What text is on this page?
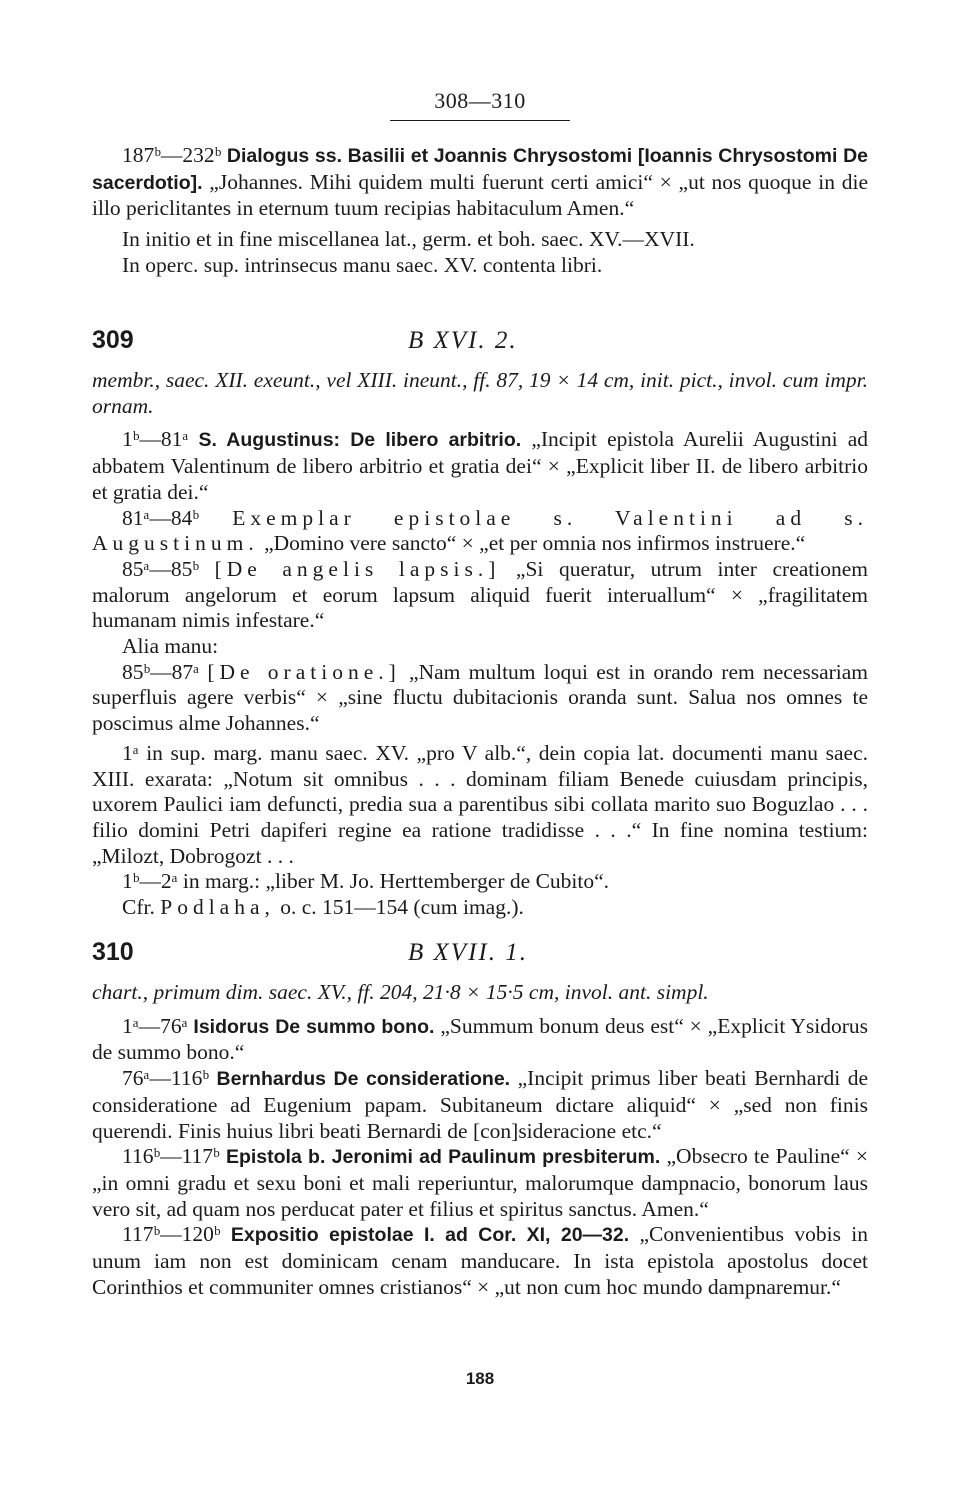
308—310

187ᵇ—232ᵇ Dialogus ss. Basilii et Joannis Chrysostomi [Ioannis Chrysostomi De sacerdotio]. „Johannes. Mihi quidem multi fuerunt certi amici“ × „ut nos quoque in die illo periclitantes in eternum tuum recipias habitaculum Amen.“

In initio et in fine miscellanea lat., germ. et boh. saec. XV.—XVII.

In operc. sup. intrinsecus manu saec. XV. contenta libri.

309	B XVI. 2.

membr., saec. XII. exeunt., vel XIII. ineunt., ff. 87, 19 × 14 cm, init. pict., invol. cum impr. ornam.

1ᵇ—81ᵃ S. Augustinus: De libero arbitrio. „Incipit epistola Aurelii Augustini ad abbatem Valentinum de libero arbitrio et gratia dei“ × „Explicit liber II. de libero arbitrio et gratia dei.“

81ᵃ—84ᵇ Exemplar epistolae s. Valentini ad s. Augustinum. „Domino vere sancto“ × „et per omnia nos infirmos instruere.“

85ᵃ—85ᵇ [De angelis lapsis.] „Si queratur, utrum inter creationem malorum angelorum et eorum lapsum aliquid fuerit interuallum“ × „fragilitatem humanam nimis infestare.“

Alia manu:

85ᵇ—87ᵃ [De oratione.] „Nam multum loqui est in orando rem necessariam superfluis agere verbis“ × „sine fluctu dubitacionis oranda sunt. Salua nos omnes te poscimus alme Johannes.“

1ᵃ in sup. marg. manu saec. XV. „pro V alb.“, dein copia lat. documenti manu saec. XIII. exarata: „Notum sit omnibus . . . dominam filiam Benede cuiusdam principis, uxorem Paulici iam defuncti, predia sua a parentibus sibi collata marito suo Boguzlao . . . filio domini Petri dapiferi regine ea ratione tradidisse . . .“ In fine nomina testium: „Milozt, Dobrogozt . . .

1ᵇ—2ᵃ in marg.: „liber M. Jo. Herttemberger de Cubito“.

Cfr. Podlaha, o. c. 151—154 (cum imag.).

310	B XVII. 1.

chart., primum dim. saec. XV., ff. 204, 21·8 × 15·5 cm, invol. ant. simpl.

1ᵃ—76ᵃ Isidorus De summo bono. „Summum bonum deus est“ × „Explicit Ysidorus de summo bono.“

76ᵃ—116ᵇ Bernhardus De consideratione. „Incipit primus liber beati Bernhardi de consideratione ad Eugenium papam. Subitaneum dictare aliquid“ × „sed non finis querendi. Finis huius libri beati Bernardi de [con]sideracione etc.“

116ᵇ—117ᵇ Epistola b. Jeronimi ad Paulinum presbiterum. „Obsecro te Pauline“ × „in omni gradu et sexu boni et mali reperiuntur, malorumque dampnacio, bonorum laus vero sit, ad quam nos perducat pater et filius et spiritus sanctus. Amen.“

117ᵇ—120ᵇ Expositio epistolae I. ad Cor. XI, 20—32. „Convenientibus vobis in unum iam non est dominicam cenam manducare. In ista epistola apostolus docet Corinthios et communiter omnes cristianos“ × „ut non cum hoc mundo dampnaremur.“

188
